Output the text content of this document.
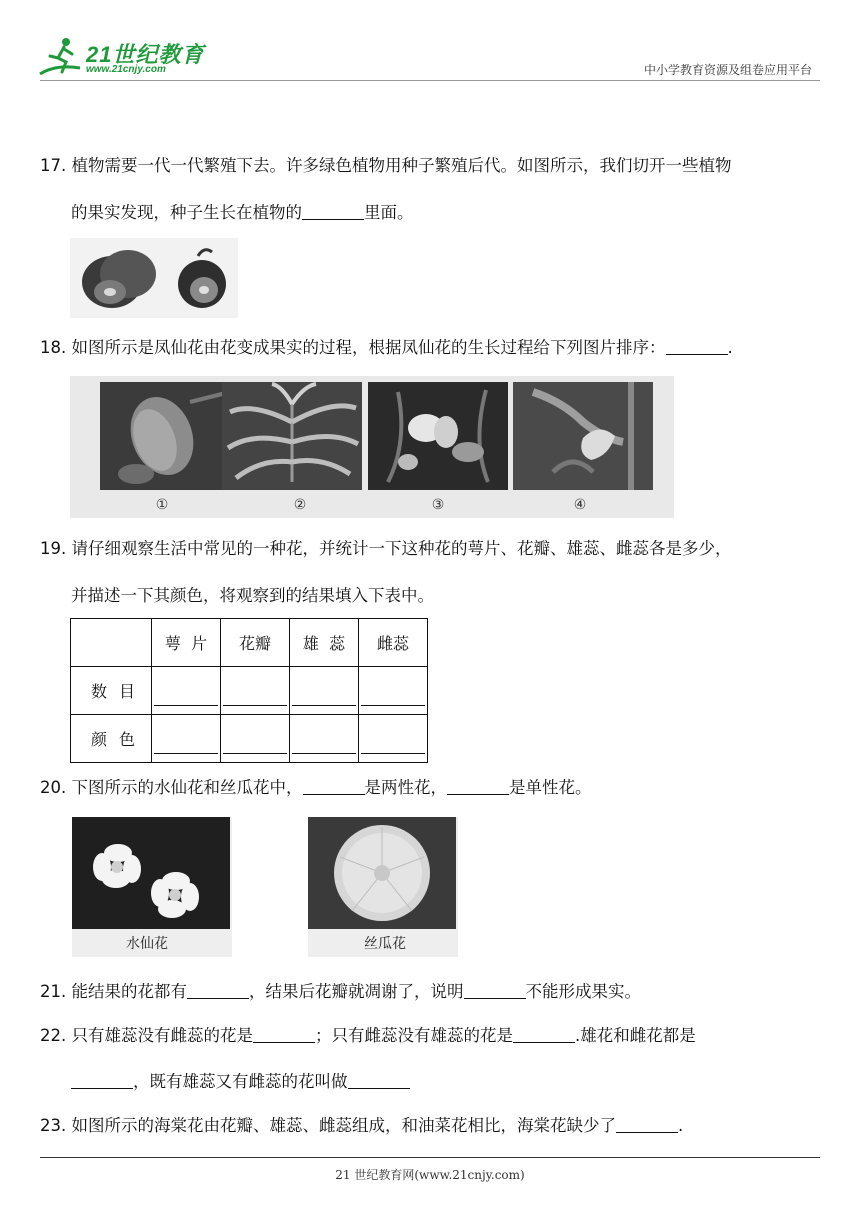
21世纪教育
www.21cnjy.com	中小学教育资源及组卷应用平台
17. 植物需要一代一代繁殖下去。许多绿色植物用种子繁殖后代。如图所示，我们切开一些植物
的果实发现，种子生长在植物的	里面。
18. 如图所示是凤仙花由花变成果实的过程，根据凤仙花的生长过程给下列图片排序：	.
①	②	③	④
19. 请仔细观察生活中常见的一种花，并统计一下这种花的萼片、花瓣、雄蕊、雌蕊各是多少，
并描述一下其颜色，将观察到的结果填入下表中。
	萼  片	花瓣	雄  蕊	雌蕊
数目	

颜色	

20. 下图所示的水仙花和丝瓜花中，	是两性花，	是单性花。
水仙花	丝瓜花
21. 能结果的花都有	，结果后花瓣就凋谢了，说明	不能形成果实。
22. 只有雄蕊没有雌蕊的花是	；只有雌蕊没有雄蕊的花是	.雄花和雌花都是
，既有雄蕊又有雌蕊的花叫做
23. 如图所示的海棠花由花瓣、雄蕊、雌蕊组成，和油菜花相比，海棠花缺少了	.
21 世纪教育网(www.21cnjy.com)
